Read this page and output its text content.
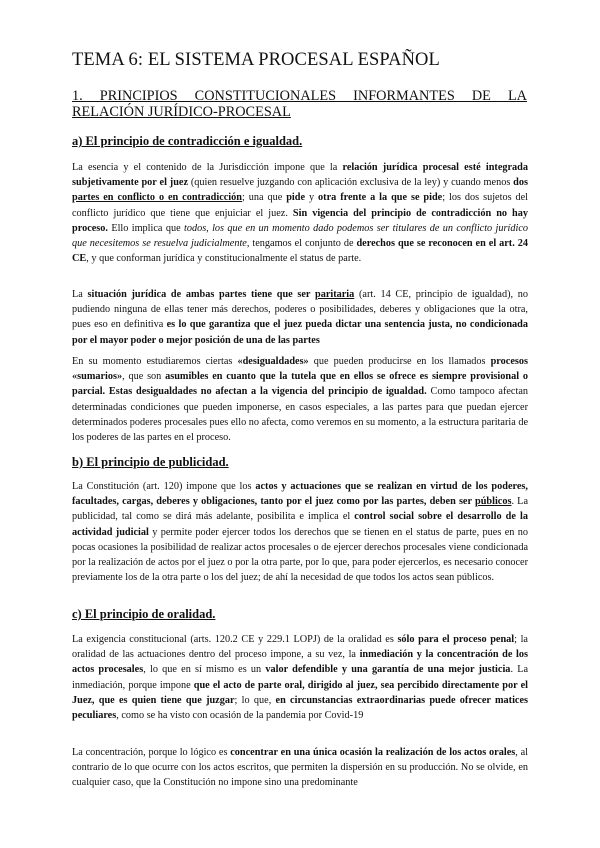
TEMA 6: EL SISTEMA PROCESAL ESPAÑOL
1. PRINCIPIOS CONSTITUCIONALES INFORMANTES DE LA RELACIÓN JURÍDICO-PROCESAL
a) El principio de contradicción e igualdad.
La esencia y el contenido de la Jurisdicción impone que la relación jurídica procesal esté integrada subjetivamente por el juez (quien resuelve juzgando con aplicación exclusiva de la ley) y cuando menos dos partes en conflicto o en contradicción; una que pide y otra frente a la que se pide; los dos sujetos del conflicto jurídico que tiene que enjuiciar el juez. Sin vigencia del principio de contradicción no hay proceso. Ello implica que todos, los que en un momento dado podemos ser titulares de un conflicto jurídico que necesitemos se resuelva judicialmente, tengamos el conjunto de derechos que se reconocen en el art. 24 CE, y que conforman jurídica y constitucionalmente el status de parte.
La situación jurídica de ambas partes tiene que ser paritaria (art. 14 CE, principio de igualdad), no pudiendo ninguna de ellas tener más derechos, poderes o posibilidades, deberes y obligaciones que la otra, pues eso en definitiva es lo que garantiza que el juez pueda dictar una sentencia justa, no condicionada por el mayor poder o mejor posición de una de las partes
En su momento estudiaremos ciertas «desigualdades» que pueden producirse en los llamados procesos «sumarios», que son asumibles en cuanto que la tutela que en ellos se ofrece es siempre provisional o parcial. Estas desigualdades no afectan a la vigencia del principio de igualdad. Como tampoco afectan determinadas condiciones que pueden imponerse, en casos especiales, a las partes para que puedan ejercer determinados poderes procesales pues ello no afecta, como veremos en su momento, a la estructura paritaria de los poderes de las partes en el proceso.
b) El principio de publicidad.
La Constitución (art. 120) impone que los actos y actuaciones que se realizan en virtud de los poderes, facultades, cargas, deberes y obligaciones, tanto por el juez como por las partes, deben ser públicos. La publicidad, tal como se dirá más adelante, posibilita e implica el control social sobre el desarrollo de la actividad judicial y permite poder ejercer todos los derechos que se tienen en el status de parte, pues en no pocas ocasiones la posibilidad de realizar actos procesales o de ejercer derechos procesales viene condicionada por la realización de actos por el juez o por la otra parte, por lo que, para poder ejercerlos, es necesario conocer previamente los de la otra parte o los del juez; de ahí la necesidad de que todos los actos sean públicos.
c) El principio de oralidad.
La exigencia constitucional (arts. 120.2 CE y 229.1 LOPJ) de la oralidad es sólo para el proceso penal; la oralidad de las actuaciones dentro del proceso impone, a su vez, la inmediación y la concentración de los actos procesales, lo que en sí mismo es un valor defendible y una garantía de una mejor justicia. La inmediación, porque impone que el acto de parte oral, dirigido al juez, sea percibido directamente por el Juez, que es quien tiene que juzgar; lo que, en circunstancias extraordinarias puede ofrecer matices peculiares, como se ha visto con ocasión de la pandemia por Covid-19
La concentración, porque lo lógico es concentrar en una única ocasión la realización de los actos orales, al contrario de lo que ocurre con los actos escritos, que permiten la dispersión en su producción. No se olvide, en cualquier caso, que la Constitución no impone sino una predominante
